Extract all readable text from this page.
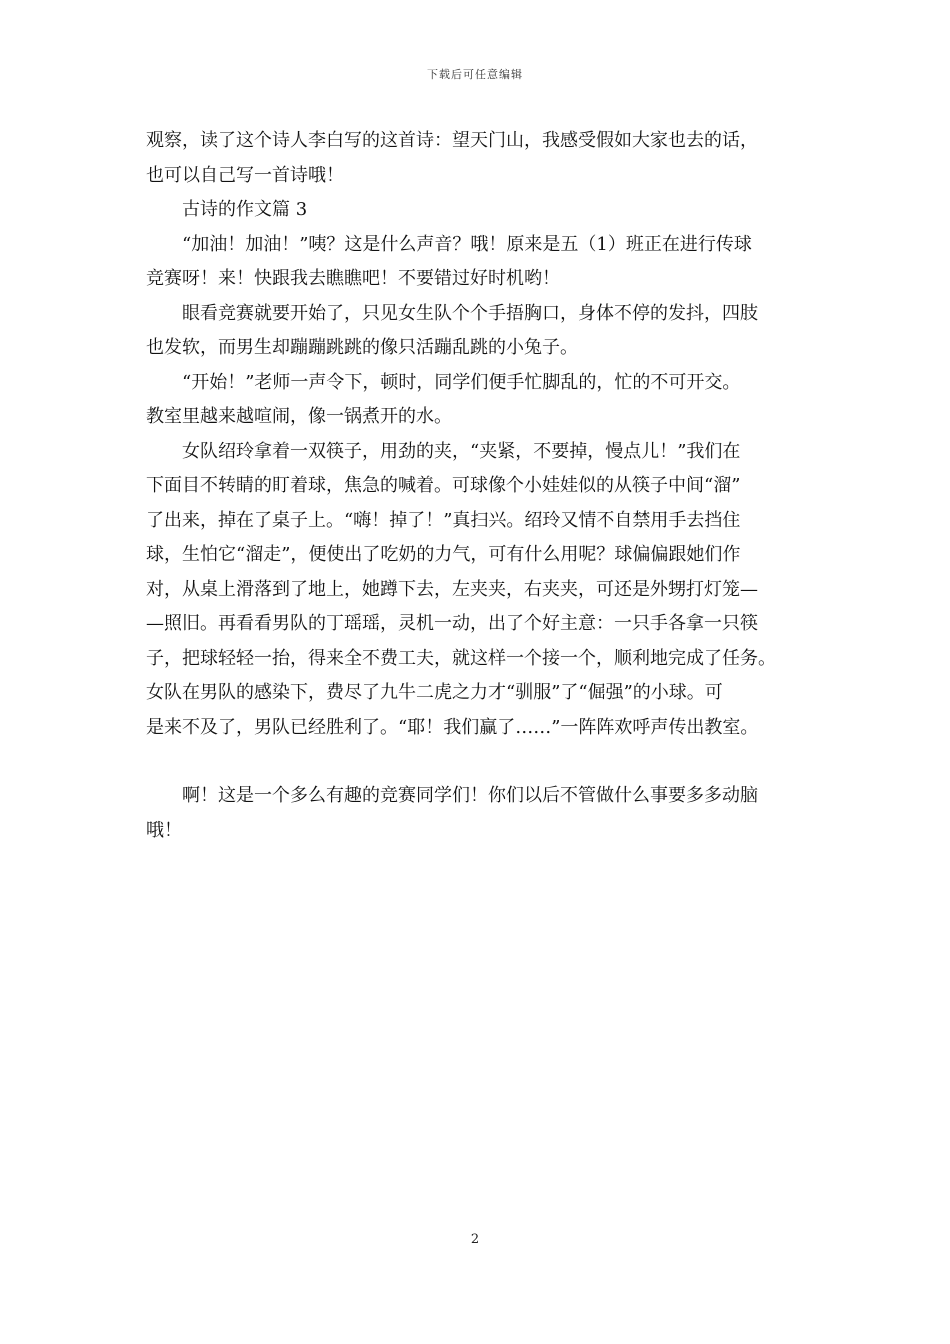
下载后可任意编辑
观察，读了这个诗人李白写的这首诗：望天门山，我感受假如大家也去的话，
也可以自己写一首诗哦！
古诗的作文篇 3
“加油！加油！”咦？这是什么声音？哦！原来是五（1）班正在进行传球
竞赛呀！来！快跟我去瞧瞧吧！不要错过好时机哟！
眼看竞赛就要开始了，只见女生队个个手捂胸口，身体不停的发抖，四肢
也发软，而男生却蹦蹦跳跳的像只活蹦乱跳的小兔子。
“开始！”老师一声令下，顿时，同学们便手忙脚乱的，忙的不可开交。
教室里越来越喧闹，像一锅煮开的水。
女队绍玲拿着一双筷子，用劲的夹，“夹紧，不要掉，慢点儿！”我们在
下面目不转睛的盯着球，焦急的喊着。可球像个小娃娃似的从筷子中间“溜”
了出来，掉在了桌子上。“嗨！掉了！”真扫兴。绍玲又情不自禁用手去挡住
球，生怕它“溜走”，便使出了吃奶的力气，可有什么用呢？球偏偏跟她们作
对，从桌上滑落到了地上，她蹲下去，左夹夹，右夹夹，可还是外甥打灯笼—
—照旧。再看看男队的丁瑶瑶，灵机一动，出了个好主意：一只手各拿一只筷
子，把球轻轻一抬，得来全不费工夫，就这样一个接一个，顺利地完成了任务。
女队在男队的感染下，费尽了九牛二虎之力才“驯服”了“倔强”的小球。可
是来不及了，男队已经胜利了。“耶！我们赢了……”一阵阵欢呼声传出教室。
啊！这是一个多么有趣的竞赛同学们！你们以后不管做什么事要多多动脑
哦！
2
